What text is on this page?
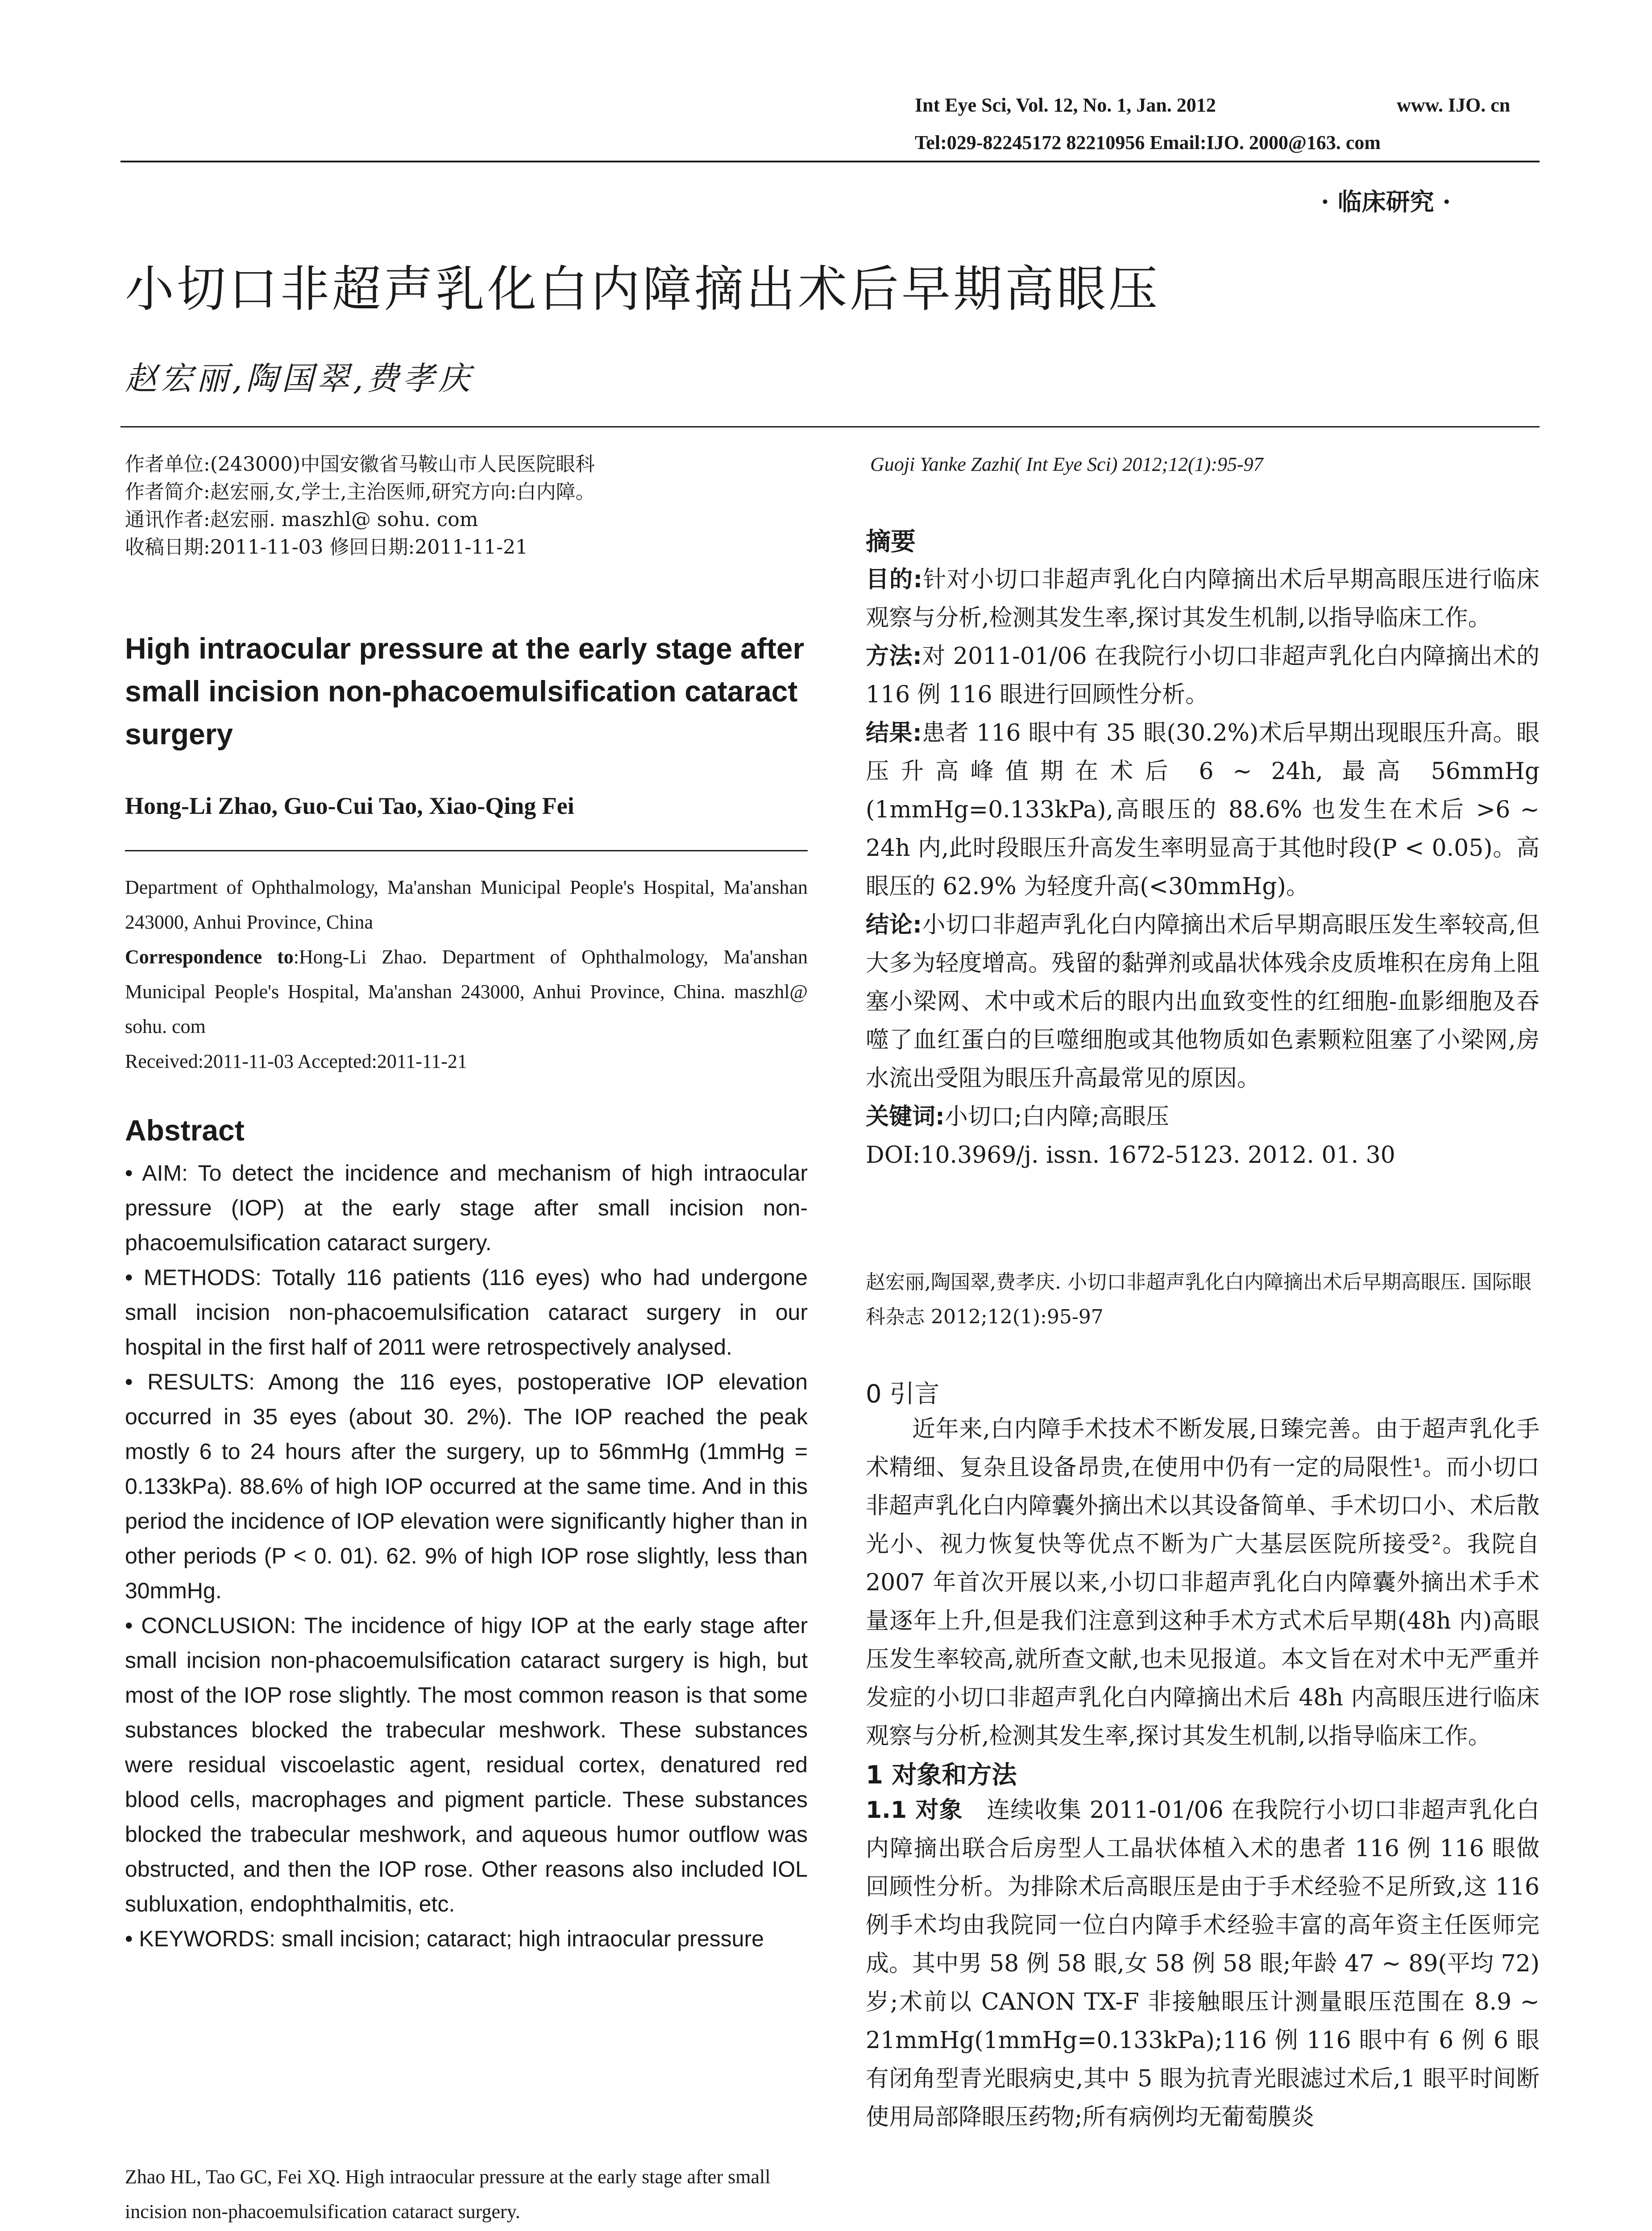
Int Eye Sci, Vol. 12, No. 1, Jan. 2012	www. IJO. cn
Tel:029-82245172 82210956 Email:IJO. 2000@163. com
· 临床研究 ·
小切口非超声乳化白内障摘出术后早期高眼压
赵宏丽,陶国翠,费孝庆
作者单位:(243000)中国安徽省马鞍山市人民医院眼科
作者简介:赵宏丽,女,学士,主治医师,研究方向:白内障。
通讯作者:赵宏丽. maszhl@ sohu. com
收稿日期:2011-11-03 修回日期:2011-11-21
High intraocular pressure at the early stage after small incision non-phacoemulsification cataract surgery
Hong-Li Zhao, Guo-Cui Tao, Xiao-Qing Fei
Department of Ophthalmology, Ma'anshan Municipal People's Hospital, Ma'anshan 243000, Anhui Province, China
Correspondence to:Hong-Li Zhao. Department of Ophthalmology, Ma'anshan Municipal People's Hospital, Ma'anshan 243000, Anhui Province, China. maszhl@ sohu. com
Received:2011-11-03 Accepted:2011-11-21
Abstract

• AIM: To detect the incidence and mechanism of high intraocular pressure (IOP) at the early stage after small incision non-phacoemulsification cataract surgery.

• METHODS: Totally 116 patients (116 eyes) who had undergone small incision non-phacoemulsification cataract surgery in our hospital in the first half of 2011 were retrospectively analysed.

• RESULTS: Among the 116 eyes, postoperative IOP elevation occurred in 35 eyes (about 30. 2%). The IOP reached the peak mostly 6 to 24 hours after the surgery, up to 56mmHg (1mmHg = 0.133kPa). 88.6% of high IOP occurred at the same time. And in this period the incidence of IOP elevation were significantly higher than in other periods (P < 0. 01). 62. 9% of high IOP rose slightly, less than 30mmHg.

• CONCLUSION: The incidence of higy IOP at the early stage after small incision non-phacoemulsification cataract surgery is high, but most of the IOP rose slightly. The most common reason is that some substances blocked the trabecular meshwork. These substances were residual viscoelastic agent, residual cortex, denatured red blood cells, macrophages and pigment particle. These substances blocked the trabecular meshwork, and aqueous humor outflow was obstructed, and then the IOP rose. Other reasons also included IOL subluxation, endophthalmitis, etc.

• KEYWORDS: small incision; cataract; high intraocular pressure

Zhao HL, Tao GC, Fei XQ. High intraocular pressure at the early stage after small incision non-phacoemulsification cataract surgery.
Guoji Yanke Zazhi( Int Eye Sci) 2012;12(1):95-97
摘要

目的:针对小切口非超声乳化白内障摘出术后早期高眼压进行临床观察与分析,检测其发生率,探讨其发生机制,以指导临床工作。

方法:对 2011-01/06 在我院行小切口非超声乳化白内障摘出术的 116 例 116 眼进行回顾性分析。

结果:患者 116 眼中有 35 眼(30.2%)术后早期出现眼压升高。眼压升高峰值期在术后 6 ~ 24h, 最高 56mmHg (1mmHg=0.133kPa),高眼压的 88.6% 也发生在术后 >6 ~ 24h 内,此时段眼压升高发生率明显高于其他时段(P < 0.05)。高眼压的 62.9% 为轻度升高(<30mmHg)。

结论:小切口非超声乳化白内障摘出术后早期高眼压发生率较高,但大多为轻度增高。残留的黏弹剂或晶状体残余皮质堆积在房角上阻塞小梁网、术中或术后的眼内出血致变性的红细胞-血影细胞及吞噬了血红蛋白的巨噬细胞或其他物质如色素颗粒阻塞了小梁网,房水流出受阻为眼压升高最常见的原因。

关键词:小切口;白内障;高眼压

DOI:10.3969/j. issn. 1672-5123. 2012. 01. 30

赵宏丽,陶国翠,费孝庆. 小切口非超声乳化白内障摘出术后早期高眼压. 国际眼科杂志 2012;12(1):95-97
0 引言

近年来,白内障手术技术不断发展,日臻完善。由于超声乳化手术精细、复杂且设备昂贵,在使用中仍有一定的局限性¹。而小切口非超声乳化白内障囊外摘出术以其设备简单、手术切口小、术后散光小、视力恢复快等优点不断为广大基层医院所接受²。我院自 2007 年首次开展以来,小切口非超声乳化白内障囊外摘出术手术量逐年上升,但是我们注意到这种手术方式术后早期(48h 内)高眼压发生率较高,就所查文献,也未见报道。本文旨在对术中无严重并发症的小切口非超声乳化白内障摘出术后 48h 内高眼压进行临床观察与分析,检测其发生率,探讨其发生机制,以指导临床工作。

1 对象和方法

1.1 对象 连续收集 2011-01/06 在我院行小切口非超声乳化白内障摘出联合后房型人工晶状体植入术的患者 116 例 116 眼做回顾性分析。为排除术后高眼压是由于手术经验不足所致,这 116 例手术均由我院同一位白内障手术经验丰富的高年资主任医师完成。其中男 58 例 58 眼,女 58 例 58 眼;年龄 47 ~ 89(平均 72)岁;术前以 CANON TX-F 非接触眼压计测量眼压范围在 8.9 ~ 21mmHg(1mmHg=0.133kPa);116 例 116 眼中有 6 例 6 眼有闭角型青光眼病史,其中 5 眼为抗青光眼滤过术后,1 眼平时间断使用局部降眼压药物;所有病例均无葡萄膜炎
